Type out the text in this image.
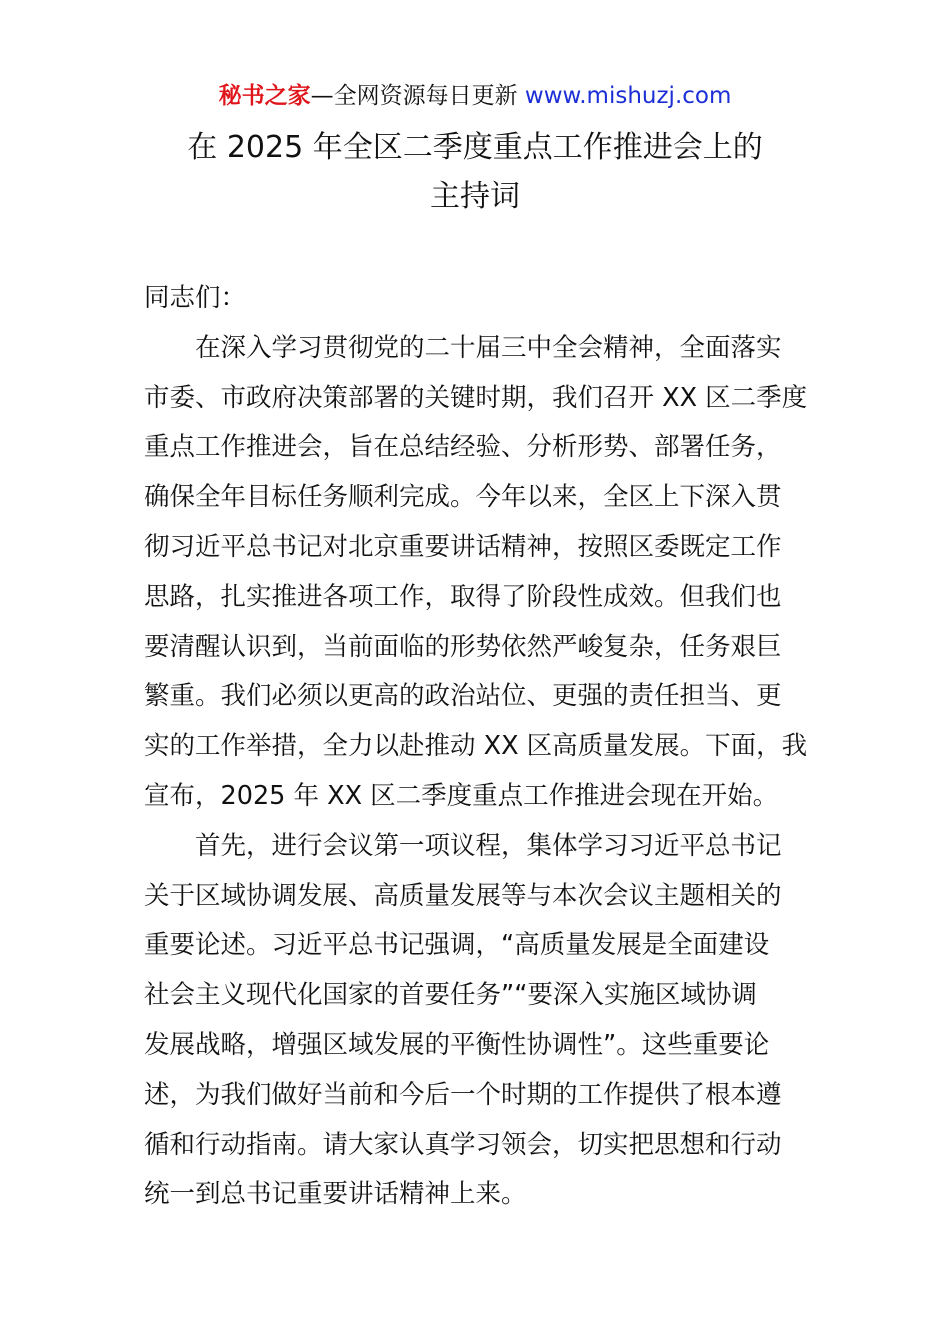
秘书之家—全网资源每日更新 www.mishuzj.com
在 2025 年全区二季度重点工作推进会上的
主持词
同志们：
在深入学习贯彻党的二十届三中全会精神，全面落实
市委、市政府决策部署的关键时期，我们召开 XX 区二季度
重点工作推进会，旨在总结经验、分析形势、部署任务，
确保全年目标任务顺利完成。今年以来，全区上下深入贯
彻习近平总书记对北京重要讲话精神，按照区委既定工作
思路，扎实推进各项工作，取得了阶段性成效。但我们也
要清醒认识到，当前面临的形势依然严峻复杂，任务艰巨
繁重。我们必须以更高的政治站位、更强的责任担当、更
实的工作举措，全力以赴推动 XX 区高质量发展。下面，我
宣布，2025 年 XX 区二季度重点工作推进会现在开始。
首先，进行会议第一项议程，集体学习习近平总书记
关于区域协调发展、高质量发展等与本次会议主题相关的
重要论述。习近平总书记强调，“高质量发展是全面建设
社会主义现代化国家的首要任务”“要深入实施区域协调
发展战略，增强区域发展的平衡性协调性”。这些重要论
述，为我们做好当前和今后一个时期的工作提供了根本遵
循和行动指南。请大家认真学习领会，切实把思想和行动
统一到总书记重要讲话精神上来。
